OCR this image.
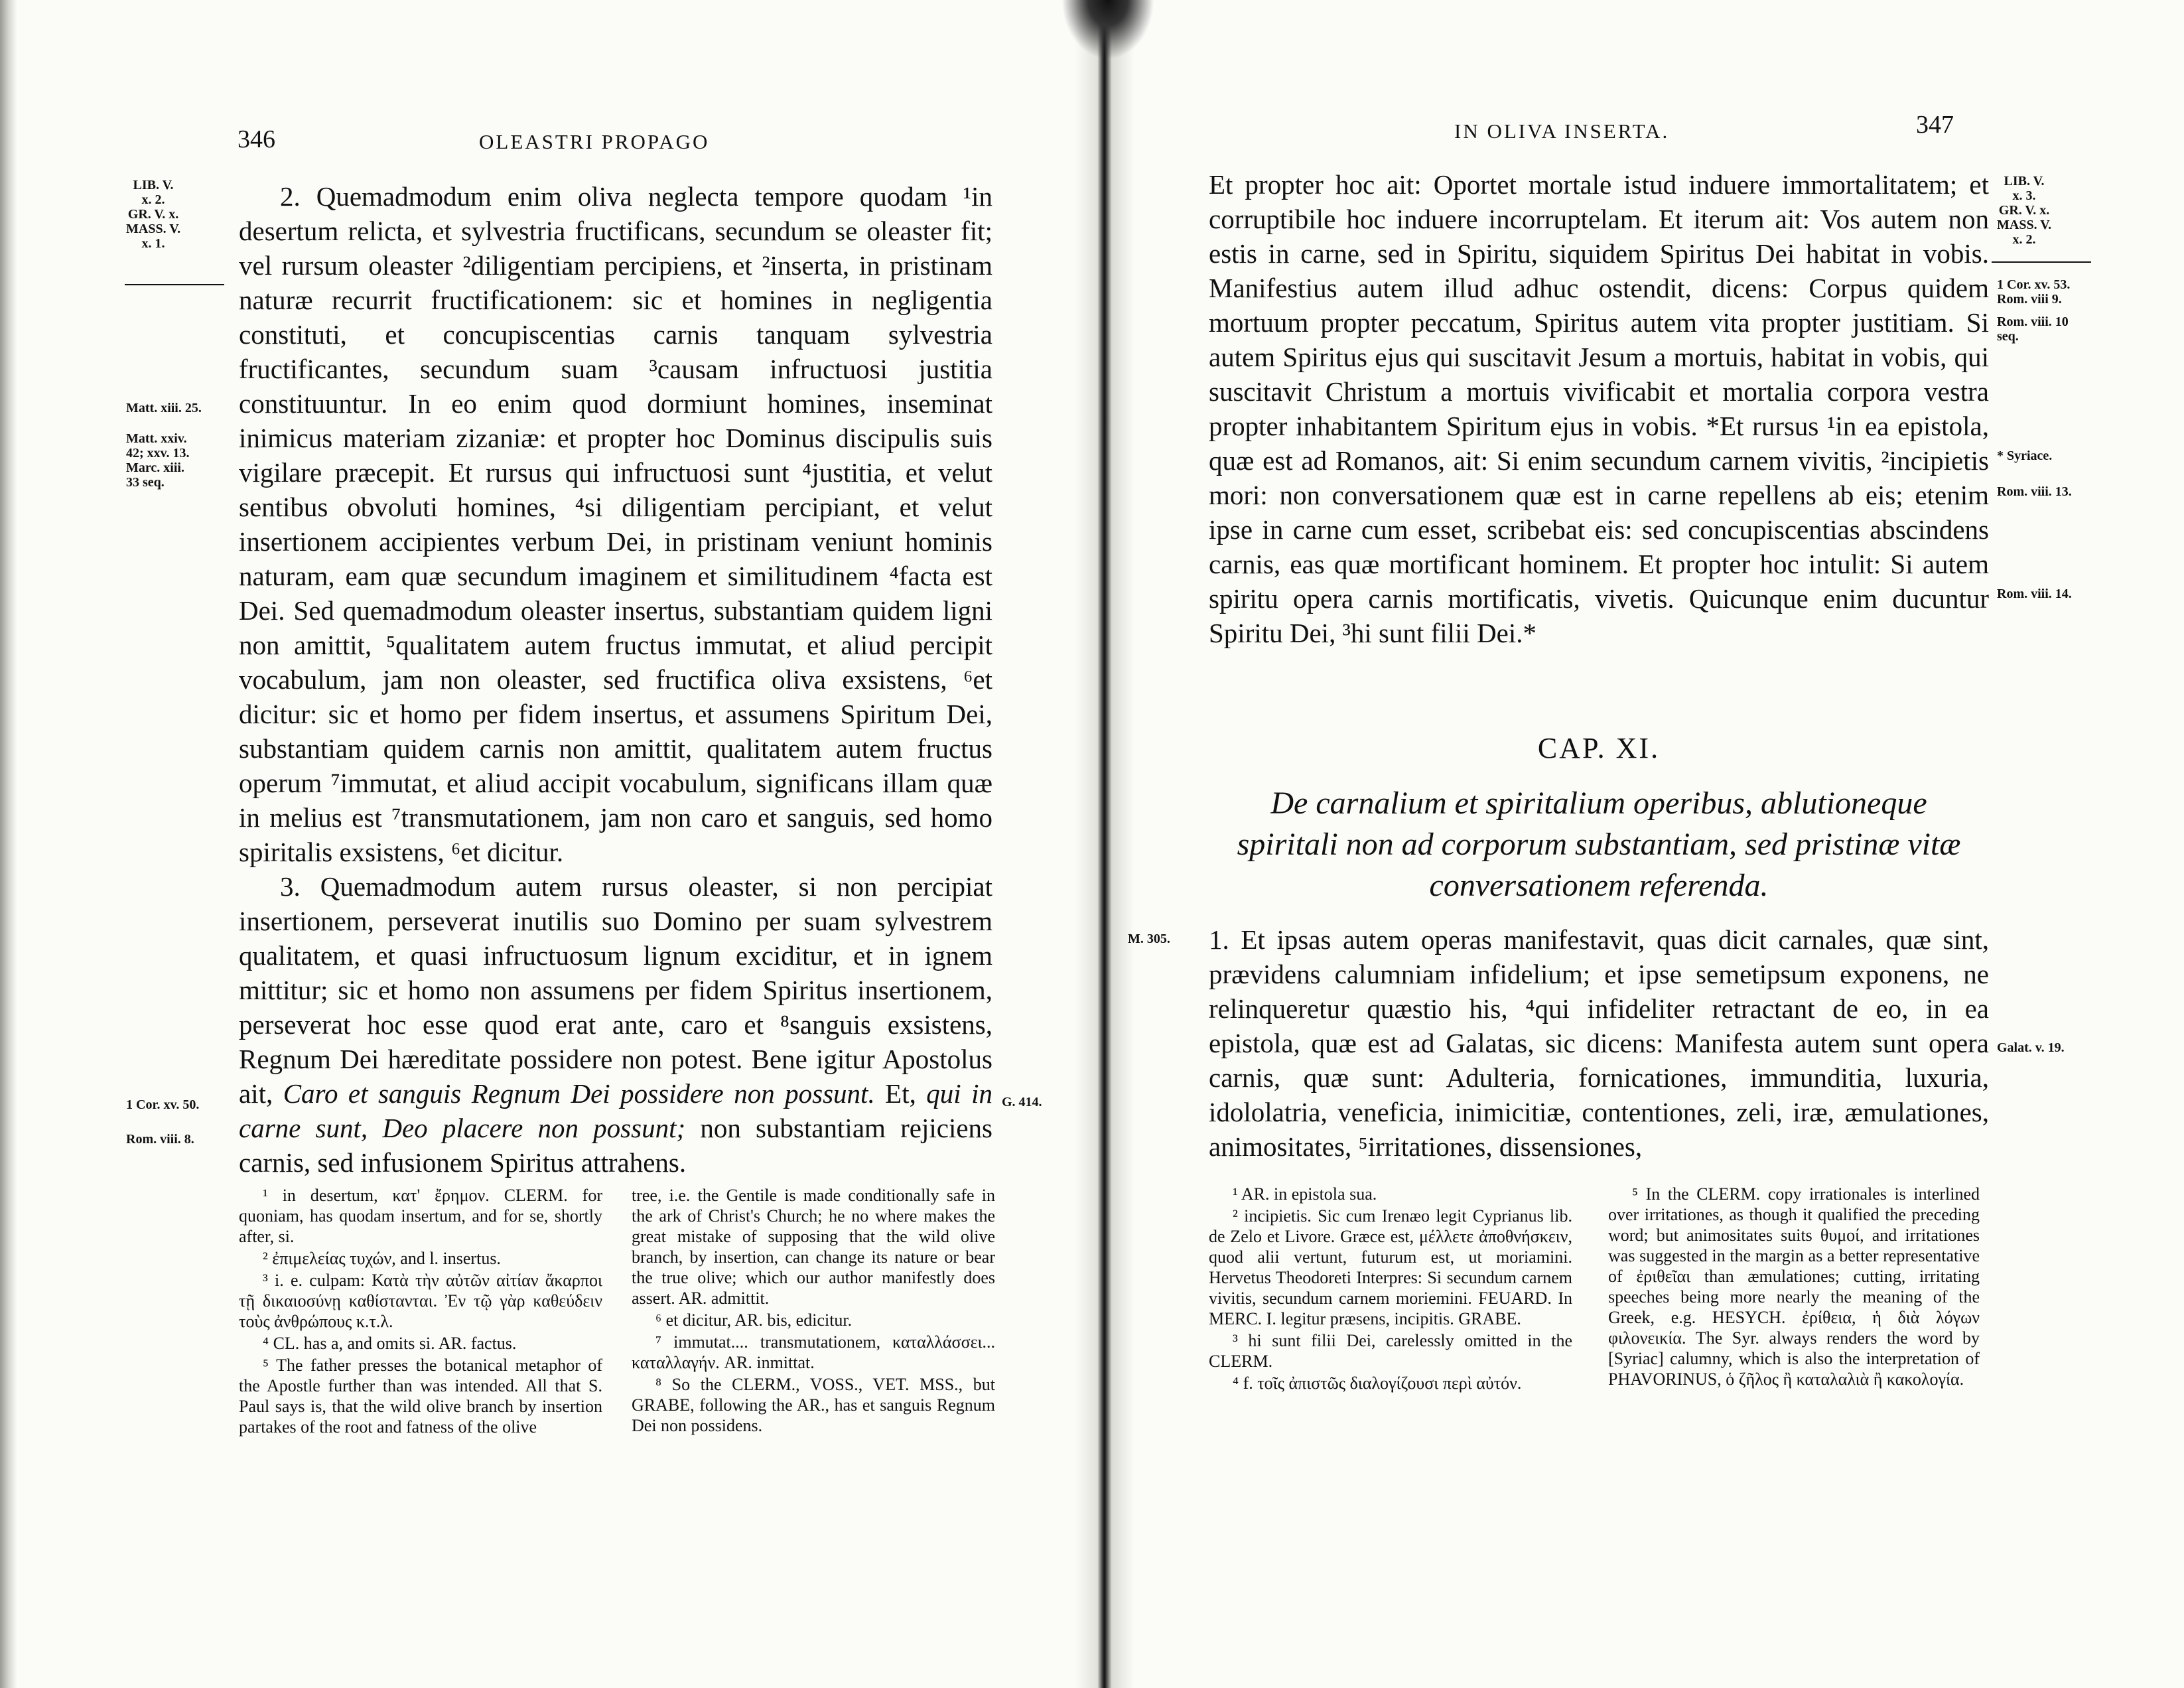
346	OLEASTRI PROPAGO
LIB. V.
x. 2.
GR. V. x.
MASS. V.
x. 1.
Matt. xiii. 25.
Matt. xxiv.
42; xxv. 13.
Marc. xiii.
33 seq.
1 Cor. xv. 50.
Rom. viii. 8.
G. 414.

2. Quemadmodum enim oliva neglecta tempore quodam ¹in desertum relicta, et sylvestria fructificans, secundum se oleaster fit; vel rursum oleaster ²diligentiam percipiens, et ²inserta, in pristinam naturæ recurrit fructificationem: sic et homines in negligentia constituti, et concupiscentias carnis tanquam sylvestria fructificantes, secundum suam ³causam infructuosi justitia constituuntur. In eo enim quod dormiunt homines, inseminat inimicus materiam zizaniæ: et propter hoc Dominus discipulis suis vigilare præcepit. Et rursus qui infructuosi sunt ⁴justitia, et velut sentibus obvoluti homines, ⁴si diligentiam percipiant, et velut insertionem accipientes verbum Dei, in pristinam veniunt hominis naturam, eam quæ secundum imaginem et similitudinem ⁴facta est Dei. Sed quemadmodum oleaster insertus, substantiam quidem ligni non amittit, ⁵qualitatem autem fructus immutat, et aliud percipit vocabulum, jam non oleaster, sed fructifica oliva exsistens, ⁶et dicitur: sic et homo per fidem insertus, et assumens Spiritum Dei, substantiam quidem carnis non amittit, qualitatem autem fructus operum ⁷immutat, et aliud accipit vocabulum, significans illam quæ in melius est ⁷transmutationem, jam non caro et sanguis, sed homo spiritalis exsistens, ⁶et dicitur.

3. Quemadmodum autem rursus oleaster, si non percipiat insertionem, perseverat inutilis suo Domino per suam sylvestrem qualitatem, et quasi infructuosum lignum exciditur, et in ignem mittitur; sic et homo non assumens per fidem Spiritus insertionem, perseverat hoc esse quod erat ante, caro et ⁸sanguis exsistens, Regnum Dei hæreditate possidere non potest. Bene igitur Apostolus ait, Caro et sanguis Regnum Dei possidere non possunt. Et, qui in carne sunt, Deo placere non possunt; non substantiam rejiciens carnis, sed infusionem Spiritus attrahens.

¹ in desertum, κατ' ἔρημον. CLERM. for quoniam, has quodam insertum, and for se, shortly after, si.

² ἐπιμελείας τυχών, and l. insertus.

³ i. e. culpam: Κατὰ τὴν αὐτῶν αἰτίαν ἄκαρποι τῇ δικαιοσύνῃ καθίστανται. Ἐν τῷ γὰρ καθεύδειν τοὺς ἀνθρώπους κ.τ.λ.

⁴ CL. has a, and omits si. AR. factus.

⁵ The father presses the botanical metaphor of the Apostle further than was intended. All that S. Paul says is, that the wild olive branch by insertion partakes of the root and fatness of the olive

tree, i.e. the Gentile is made conditionally safe in the ark of Christ's Church; he no where makes the great mistake of supposing that the wild olive branch, by insertion, can change its nature or bear the true olive; which our author manifestly does assert. AR. admittit.

⁶ et dicitur, AR. bis, edicitur.

⁷ immutat.... transmutationem, καταλλάσσει... καταλλαγήν. AR. inmittat.

⁸ So the CLERM., VOSS., VET. MSS., but GRABE, following the AR., has et sanguis Regnum Dei non possidens.

IN OLIVA INSERTA.	347
LIB. V.
x. 3.
GR. V. x.
MASS. V.
x. 2.
1 Cor. xv. 53.
Rom. viii 9.
Rom. viii. 10
seq.
* Syriace.
Rom. viii. 13.
Rom. viii. 14.
M. 305.
Galat. v. 19.

Et propter hoc ait: Oportet mortale istud induere immortalitatem; et corruptibile hoc induere incorruptelam. Et iterum ait: Vos autem non estis in carne, sed in Spiritu, siquidem Spiritus Dei habitat in vobis. Manifestius autem illud adhuc ostendit, dicens: Corpus quidem mortuum propter peccatum, Spiritus autem vita propter justitiam. Si autem Spiritus ejus qui suscitavit Jesum a mortuis, habitat in vobis, qui suscitavit Christum a mortuis vivificabit et mortalia corpora vestra propter inhabitantem Spiritum ejus in vobis. *Et rursus ¹in ea epistola, quæ est ad Romanos, ait: Si enim secundum carnem vivitis, ²incipietis mori: non conversationem quæ est in carne repellens ab eis; etenim ipse in carne cum esset, scribebat eis: sed concupiscentias abscindens carnis, eas quæ mortificant hominem. Et propter hoc intulit: Si autem spiritu opera carnis mortificatis, vivetis. Quicunque enim ducuntur Spiritu Dei, ³hi sunt filii Dei.*

CAP. XI.
De carnalium et spiritalium operibus, ablutioneque spiritali non ad corporum substantiam, sed pristinæ vitæ conversationem referenda.

1. Et ipsas autem operas manifestavit, quas dicit carnales, quæ sint, prævidens calumniam infidelium; et ipse semetipsum exponens, ne relinqueretur quæstio his, ⁴qui infideliter retractant de eo, in ea epistola, quæ est ad Galatas, sic dicens: Manifesta autem sunt opera carnis, quæ sunt: Adulteria, fornicationes, immunditia, luxuria, idololatria, veneficia, inimicitiæ, contentiones, zeli, iræ, æmulationes, animositates, ⁵irritationes, dissensiones,

¹ AR. in epistola sua.

² incipietis. Sic cum Irenæo legit Cyprianus lib. de Zelo et Livore. Græce est, μέλλετε ἀποθνήσκειν, quod alii vertunt, futurum est, ut moriamini. Hervetus Theodoreti Interpres: Si secundum carnem vivitis, secundum carnem moriemini. FEUARD. In MERC. I. legitur præsens, incipitis. GRABE.

³ hi sunt filii Dei, carelessly omitted in the CLERM.

⁴ f. τοῖς ἀπιστῶς διαλογίζουσι περὶ αὐτόν.

⁵ In the CLERM. copy irrationales is interlined over irritationes, as though it qualified the preceding word; but animositates suits θυμοί, and irritationes was suggested in the margin as a better representative of ἐριθεῖαι than æmulationes; cutting, irritating speeches being more nearly the meaning of the Greek, e.g. HESYCH. ἐρίθεια, ἡ διὰ λόγων φιλονεικία. The Syr. always renders the word by [Syriac] calumny, which is also the interpretation of PHAVORINUS, ὁ ζῆλος ἢ καταλαλιὰ ἢ κακολογία.
